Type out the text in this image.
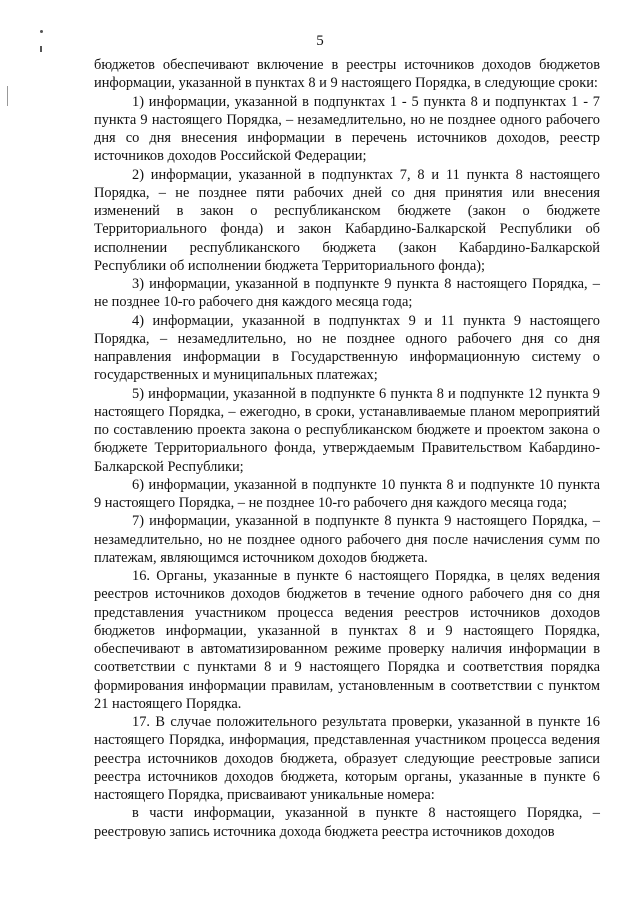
5

бюджетов обеспечивают включение в реестры источников доходов бюджетов информации, указанной в пунктах 8 и 9 настоящего Порядка, в следующие сроки:

1) информации, указанной в подпунктах 1 - 5 пункта 8 и подпунктах 1 - 7 пункта 9 настоящего Порядка, – незамедлительно, но не позднее одного рабочего дня со дня внесения информации в перечень источников доходов, реестр источников доходов Российской Федерации;

2) информации, указанной в подпунктах 7, 8 и 11 пункта 8 настоящего Порядка, – не позднее пяти рабочих дней со дня принятия или внесения изменений в закон о республиканском бюджете (закон о бюджете Территориального фонда) и закон Кабардино-Балкарской Республики об исполнении республиканского бюджета (закон Кабардино-Балкарской Республики об исполнении бюджета Территориального фонда);

3) информации, указанной в подпункте 9 пункта 8 настоящего Порядка, – не позднее 10-го рабочего дня каждого месяца года;

4) информации, указанной в подпунктах 9 и 11 пункта 9 настоящего Порядка, – незамедлительно, но не позднее одного рабочего дня со дня направления информации в Государственную информационную систему о государственных и муниципальных платежах;

5) информации, указанной в подпункте 6 пункта 8 и подпункте 12 пункта 9 настоящего Порядка, – ежегодно, в сроки, устанавливаемые планом мероприятий по составлению проекта закона о республиканском бюджете и проектом закона о бюджете Территориального фонда, утверждаемым Правительством Кабардино-Балкарской Республики;

6) информации, указанной в подпункте 10 пункта 8 и подпункте 10 пункта 9 настоящего Порядка, – не позднее 10-го рабочего дня каждого месяца года;

7) информации, указанной в подпункте 8 пункта 9 настоящего Порядка, – незамедлительно, но не позднее одного рабочего дня после начисления сумм по платежам, являющимся источником доходов бюджета.

16. Органы, указанные в пункте 6 настоящего Порядка, в целях ведения реестров источников доходов бюджетов в течение одного рабочего дня со дня представления участником процесса ведения реестров источников доходов бюджетов информации, указанной в пунктах 8 и 9 настоящего Порядка, обеспечивают в автоматизированном режиме проверку наличия информации в соответствии с пунктами 8 и 9 настоящего Порядка и соответствия порядка формирования информации правилам, установленным в соответствии с пунктом 21 настоящего Порядка.

17. В случае положительного результата проверки, указанной в пункте 16 настоящего Порядка, информация, представленная участником процесса ведения реестра источников доходов бюджета, образует следующие реестровые записи реестра источников доходов бюджета, которым органы, указанные в пункте 6 настоящего Порядка, присваивают уникальные номера:

в части информации, указанной в пункте 8 настоящего Порядка, – реестровую запись источника дохода бюджета реестра источников доходов
